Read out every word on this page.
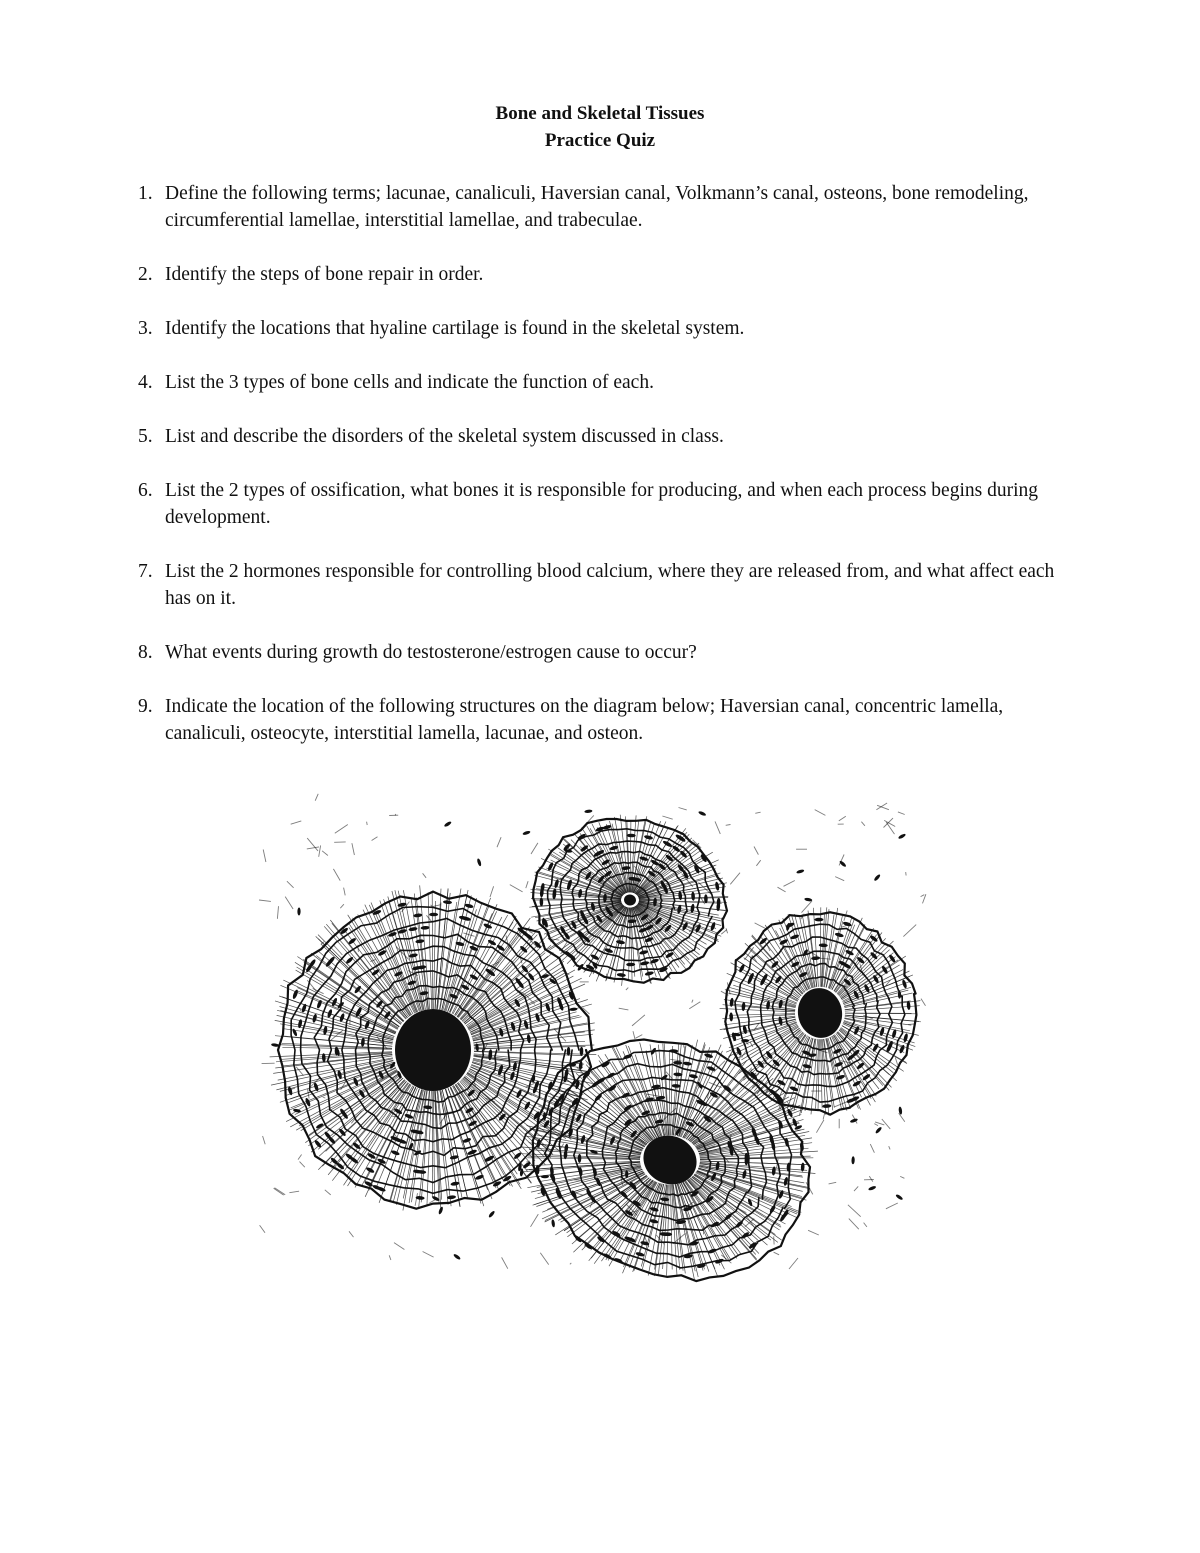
Bone and Skeletal Tissues
Practice Quiz
1. Define the following terms; lacunae, canaliculi, Haversian canal, Volkmann’s canal, osteons, bone remodeling, circumferential lamellae, interstitial lamellae, and trabeculae.
2. Identify the steps of bone repair in order.
3. Identify the locations that hyaline cartilage is found in the skeletal system.
4. List the 3 types of bone cells and indicate the function of each.
5. List and describe the disorders of the skeletal system discussed in class.
6. List the 2 types of ossification, what bones it is responsible for producing, and when each process begins during development.
7. List the 2 hormones responsible for controlling blood calcium, where they are released from, and what affect each has on it.
8. What events during growth do testosterone/estrogen cause to occur?
9. Indicate the location of the following structures on the diagram below; Haversian canal, concentric lamella, canaliculi, osteocyte, interstitial lamella, lacunae, and osteon.
